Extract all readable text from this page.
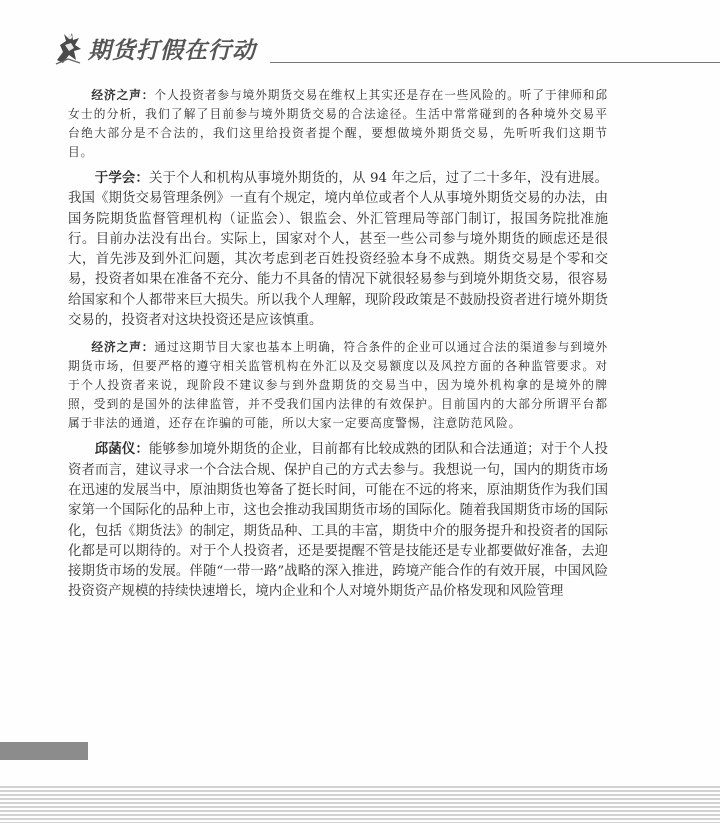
期货打假在行动

经济之声：个人投资者参与境外期货交易在维权上其实还是存在一些风险的。听了于律师和邱女士的分析，我们了解了目前参与境外期货交易的合法途径。生活中常常碰到的各种境外交易平台绝大部分是不合法的，我们这里给投资者提个醒，要想做境外期货交易，先听听我们这期节目。

于学会：关于个人和机构从事境外期货的，从 94 年之后，过了二十多年，没有进展。我国《期货交易管理条例》一直有个规定，境内单位或者个人从事境外期货交易的办法，由国务院期货监督管理机构（证监会）、银监会、外汇管理局等部门制订，报国务院批准施行。目前办法没有出台。实际上，国家对个人，甚至一些公司参与境外期货的顾虑还是很大，首先涉及到外汇问题，其次考虑到老百姓投资经验本身不成熟。期货交易是个零和交易，投资者如果在准备不充分、能力不具备的情况下就很轻易参与到境外期货交易，很容易给国家和个人都带来巨大损失。所以我个人理解，现阶段政策是不鼓励投资者进行境外期货交易的，投资者对这块投资还是应该慎重。

经济之声：通过这期节目大家也基本上明确，符合条件的企业可以通过合法的渠道参与到境外期货市场，但要严格的遵守相关监管机构在外汇以及交易额度以及风控方面的各种监管要求。对于个人投资者来说，现阶段不建议参与到外盘期货的交易当中，因为境外机构拿的是境外的牌照，受到的是国外的法律监管，并不受我们国内法律的有效保护。目前国内的大部分所谓平台都属于非法的通道，还存在诈骗的可能，所以大家一定要高度警惕，注意防范风险。

邱菡仪：能够参加境外期货的企业，目前都有比较成熟的团队和合法通道；对于个人投资者而言，建议寻求一个合法合规、保护自己的方式去参与。我想说一句，国内的期货市场在迅速的发展当中，原油期货也筹备了挺长时间，可能在不远的将来，原油期货作为我们国家第一个国际化的品种上市，这也会推动我国期货市场的国际化。随着我国期货市场的国际化，包括《期货法》的制定，期货品种、工具的丰富，期货中介的服务提升和投资者的国际化都是可以期待的。对于个人投资者，还是要提醒不管是技能还是专业都要做好准备，去迎接期货市场的发展。伴随“一带一路”战略的深入推进，跨境产能合作的有效开展，中国风险投资资产规模的持续快速增长，境内企业和个人对境外期货产品价格发现和风险管理
